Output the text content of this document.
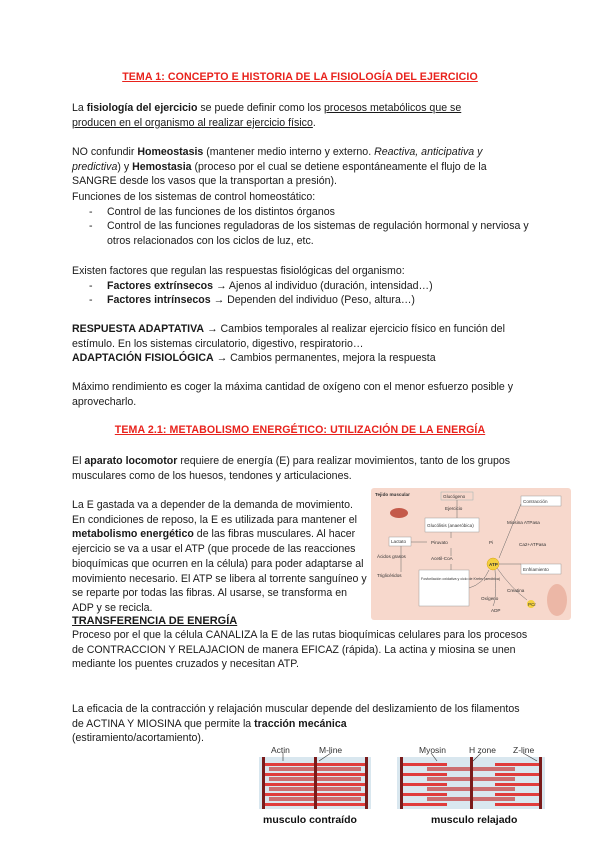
TEMA 1: CONCEPTO E HISTORIA DE LA FISIOLOGÍA DEL EJERCICIO
La fisiología del ejercicio se puede definir como los procesos metabólicos que se
producen en el organismo al realizar ejercicio físico.
NO confundir Homeostasis (mantener medio interno y externo. Reactiva, anticipativa y predictiva) y Hemostasia (proceso por el cual se detiene espontáneamente el flujo de la SANGRE desde los vasos que la transportan a presión).
Funciones de los sistemas de control homeostático:
- Control de las funciones de los distintos órganos
- Control de las funciones reguladoras de los sistemas de regulación hormonal y nerviosa y otros relacionados con los ciclos de luz, etc.
Existen factores que regulan las respuestas fisiológicas del organismo:
- Factores extrínsecos → Ajenos al individuo (duración, intensidad…)
- Factores intrínsecos → Dependen del individuo (Peso, altura…)
RESPUESTA ADAPTATIVA → Cambios temporales al realizar ejercicio físico en función del estímulo. En los sistemas circulatorio, digestivo, respiratorio…
ADAPTACIÓN FISIOLÓGICA → Cambios permanentes, mejora la respuesta
Máximo rendimiento es coger la máxima cantidad de oxígeno con el menor esfuerzo posible y aprovecharlo.
TEMA 2.1: METABOLISMO ENERGÉTICO: UTILIZACIÓN DE LA ENERGÍA
El aparato locomotor requiere de energía (E) para realizar movimientos, tanto de los grupos musculares como de los huesos, tendones y articulaciones.
La E gastada va a depender de la demanda de movimiento. En condiciones de reposo, la E es utilizada para mantener el metabolismo energético de las fibras musculares. Al hacer ejercicio se va a usar el ATP (que procede de las reacciones bioquímicas que ocurren en la célula) para poder adaptarse al movimiento necesario. El ATP se libera al torrente sanguíneo y se reparte por todas las fibras. Al usarse, se transforma en ADP y se recicla.
Tejido muscular	Glucógeno
Ejercicio
Glucólisis (anaeróbica)
Lactato	Piruvato
Acetil-CoA
Ácidos grasos
Triglicéridos
Fosforilación oxidativa y ciclo de Krebs (aeróbica)
ATP
Contracción
Miosina ATPasa
Ca2+ATPasa
Enfriamiento
Creatina
PCr
ADP
Oxígeno
Pi
TRANSFERENCIA DE ENERGÍA
Proceso por el que la célula CANALIZA la E de las rutas bioquímicas celulares para los procesos de CONTRACCION Y RELAJACION de manera EFICAZ (rápida). La actina y miosina se unen mediante los puentes cruzados y necesitan ATP.
La eficacia de la contracción y relajación muscular depende del deslizamiento de los filamentos de ACTINA Y MIOSINA que permite la tracción mecánica
(estiramiento/acortamiento).
Actin	M-line
musculo contraído
Myosin	H zone Z-line
musculo relajado
